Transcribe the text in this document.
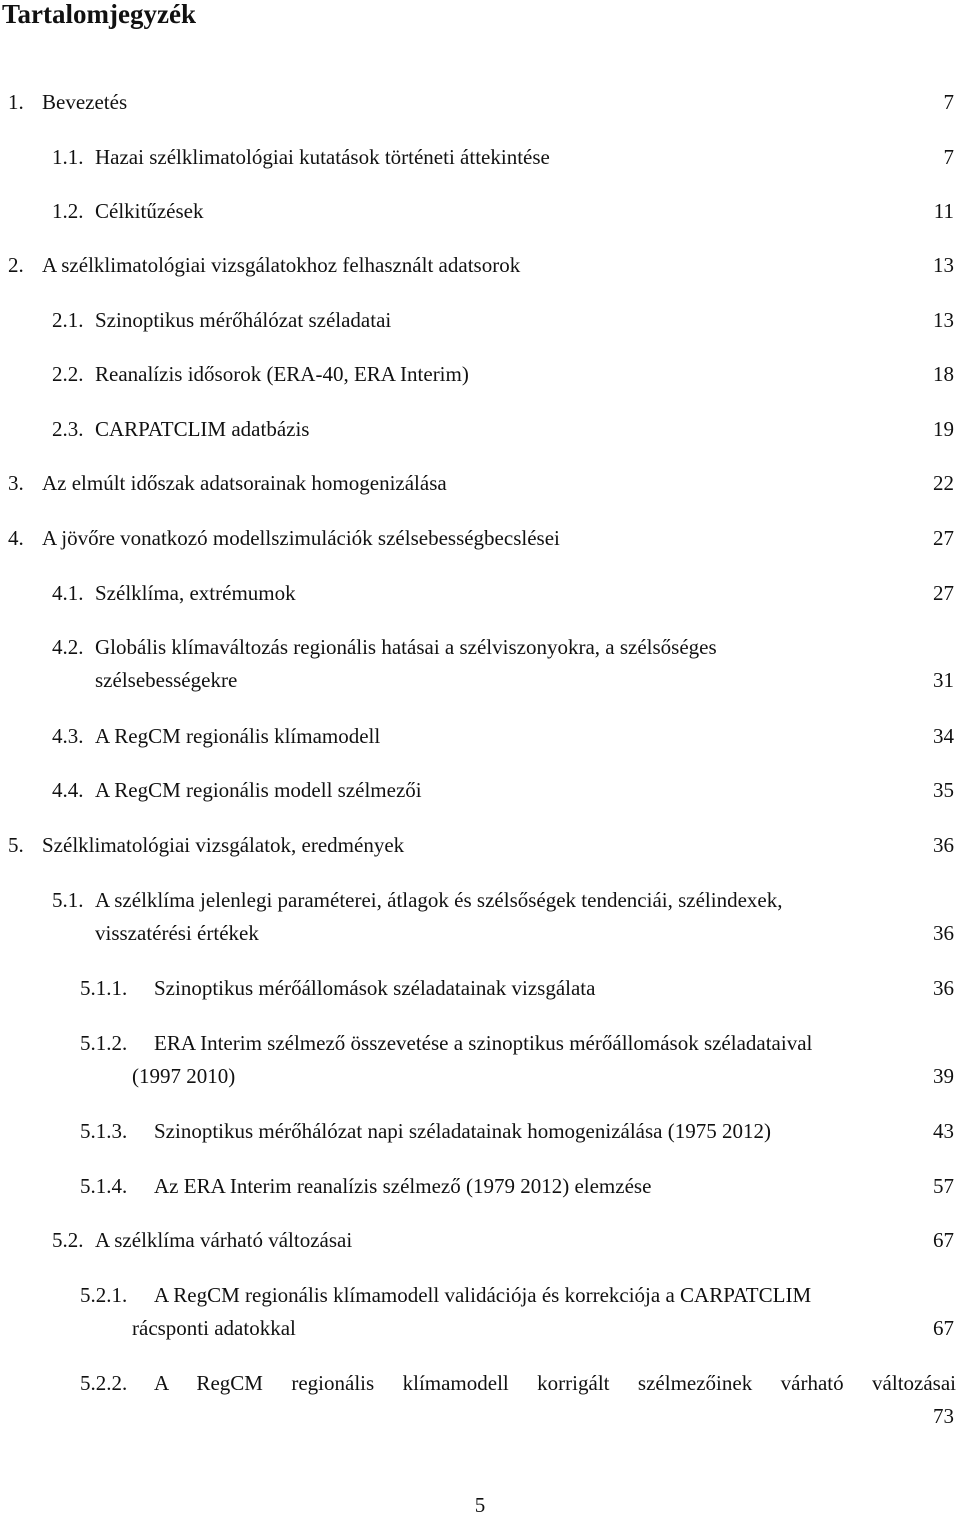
Tartalomjegyzék
1. Bevezetés	7
1.1. Hazai szélklimatológiai kutatások történeti áttekintése	7
1.2. Célkitűzések	11
2. A szélklimatológiai vizsgálatokhoz felhasznált adatsorok	13
2.1. Szinoptikus mérőhálózat széladatai	13
2.2. Reanalízis idősorok (ERA-40, ERA Interim)	18
2.3. CARPATCLIM adatbázis	19
3. Az elmúlt időszak adatsorainak homogenizálása	22
4. A jövőre vonatkozó modellszimulációk szélsebességbecslései	27
4.1. Szélklíma, extrémumok	27
4.2. Globális klímaváltozás regionális hatásai a szélviszonyokra, a szélsőséges
szélsebességekre	31
4.3. A RegCM regionális klímamodell	34
4.4. A RegCM regionális modell szélmezői	35
5. Szélklimatológiai vizsgálatok, eredmények	36
5.1. A szélklíma jelenlegi paraméterei, átlagok és szélsőségek tendenciái, szélindexek,
visszatérési értékek	36
5.1.1. Szinoptikus mérőállomások széladatainak vizsgálata	36
5.1.2. ERA Interim szélmező összevetése a szinoptikus mérőállomások széladataival
(1997 2010)	39
5.1.3. Szinoptikus mérőhálózat napi széladatainak homogenizálása (1975 2012)	43
5.1.4. Az ERA Interim reanalízis szélmező (1979 2012) elemzése	57
5.2. A szélklíma várható változásai	67
5.2.1. A RegCM regionális klímamodell validációja és korrekciója a CARPATCLIM
rácsponti adatokkal	67
5.2.2. A RegCM regionális klímamodell korrigált szélmezőinek várható változásai
73
5
